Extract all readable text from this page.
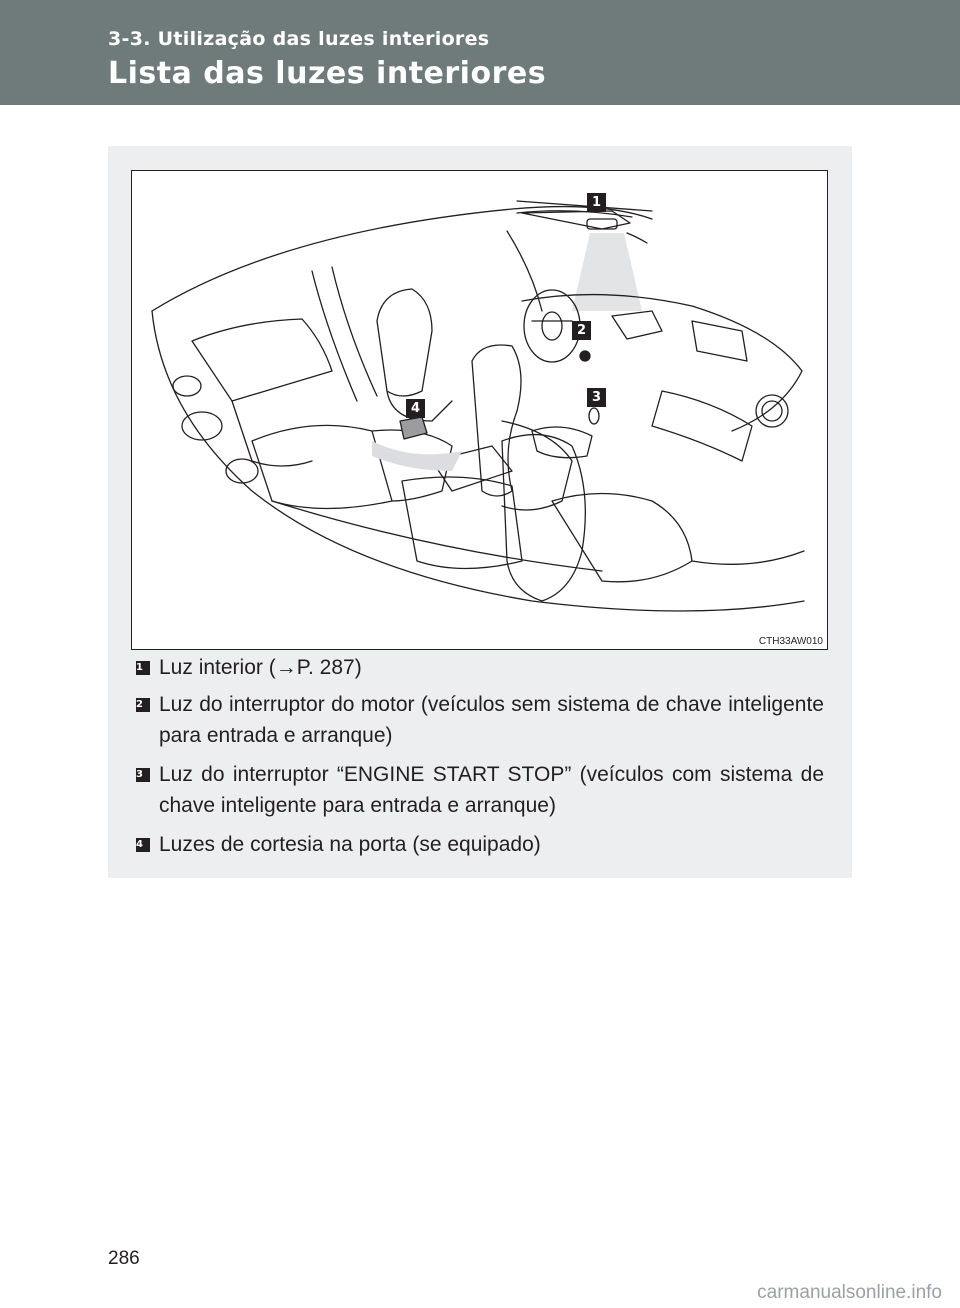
3-3. Utilização das luzes interiores
Lista das luzes interiores
1
2
3
4
CTH33AW010
1 Luz interior (→P. 287)
2 Luz do interruptor do motor (veículos sem sistema de chave inteligente para entrada e arranque)
3 Luz do interruptor “ENGINE START STOP” (veículos com sistema de chave inteligente para entrada e arranque)
4 Luzes de cortesia na porta (se equipado)
286
carmanualsonline.info
